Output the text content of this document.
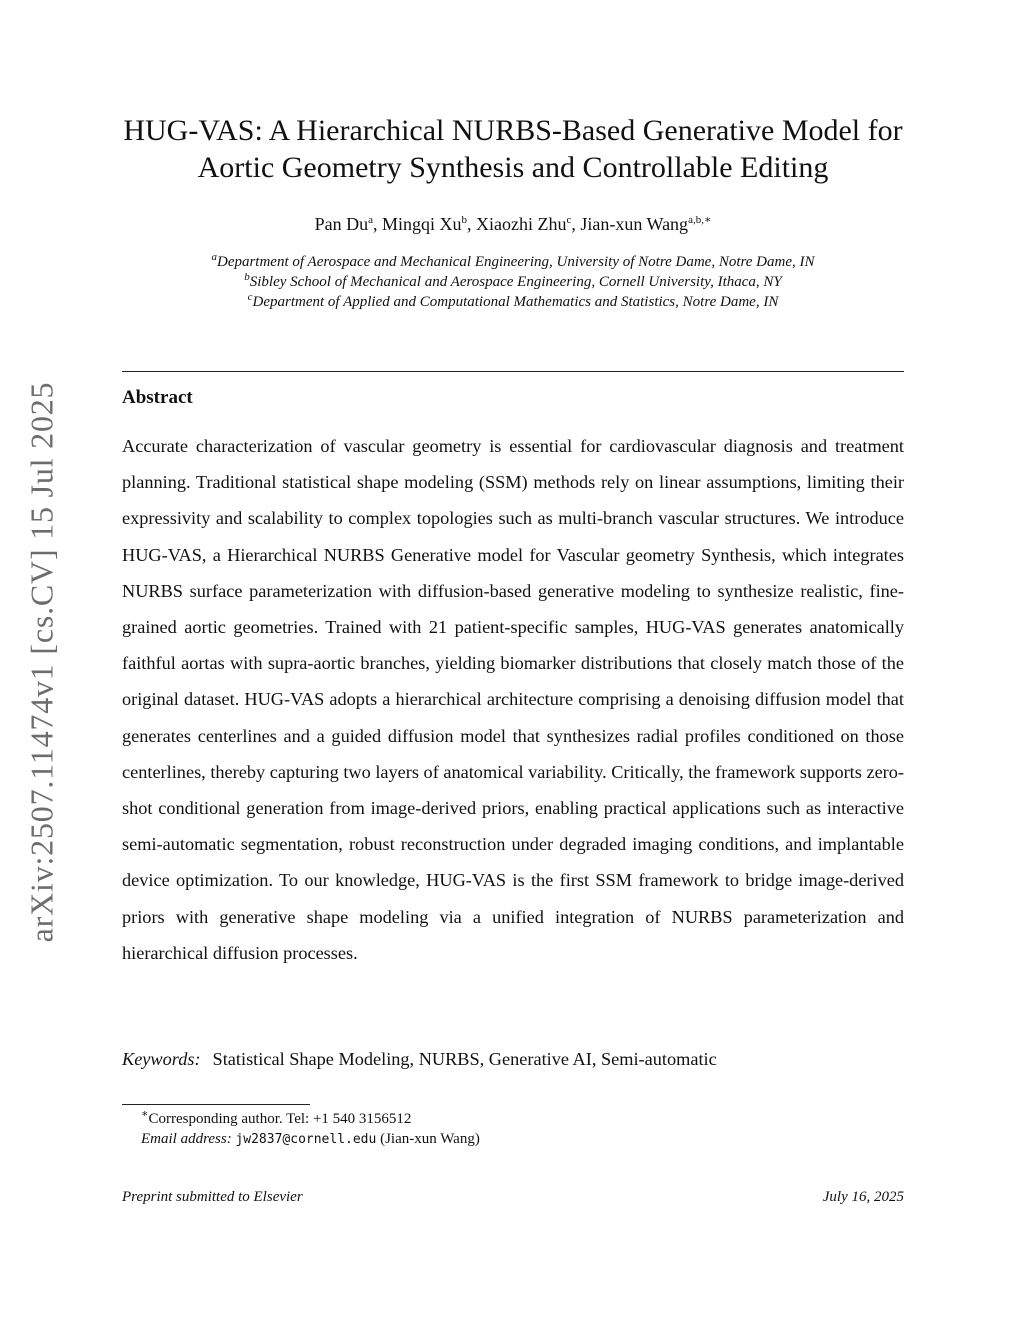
arXiv:2507.11474v1 [cs.CV] 15 Jul 2025
HUG-VAS: A Hierarchical NURBS-Based Generative Model for
Aortic Geometry Synthesis and Controllable Editing
Pan Du$^a$, Mingqi Xu$^b$, Xiaozhi Zhu$^c$, Jian-xun Wang$^{a,b,∗}$
$^a$Department of Aerospace and Mechanical Engineering, University of Notre Dame, Notre Dame, IN
$^b$Sibley School of Mechanical and Aerospace Engineering, Cornell University, Ithaca, NY
$^c$Department of Applied and Computational Mathematics and Statistics, Notre Dame, IN
Abstract

Accurate characterization of vascular geometry is essential for cardiovascular diagnosis and treatment planning. Traditional statistical shape modeling (SSM) methods rely on linear assumptions, limiting their expressivity and scalability to complex topologies such as multi-branch vascular structures. We introduce HUG-VAS, a Hierarchical NURBS Generative model for Vascular geometry Synthesis, which integrates NURBS surface parameterization with diffusion-based generative modeling to synthesize realistic, fine-grained aortic geometries. Trained with 21 patient-specific samples, HUG-VAS generates anatomically faithful aortas with supra-aortic branches, yielding biomarker distributions that closely match those of the original dataset. HUG-VAS adopts a hierarchical architecture comprising a denoising diffusion model that generates centerlines and a guided diffusion model that synthesizes radial profiles conditioned on those centerlines, thereby capturing two layers of anatomical variability. Critically, the framework supports zero-shot conditional generation from image-derived priors, enabling practical applications such as interactive semi-automatic segmentation, robust reconstruction under degraded imaging conditions, and implantable device optimization. To our knowledge, HUG-VAS is the first SSM framework to bridge image-derived priors with generative shape modeling via a unified integration of NURBS parameterization and hierarchical diffusion processes.

Keywords: Statistical Shape Modeling, NURBS, Generative AI, Semi-automatic
∗Corresponding author. Tel: +1 540 3156512
Email address: jw2837@cornell.edu (Jian-xun Wang)
Preprint submitted to Elsevier	July 16, 2025
